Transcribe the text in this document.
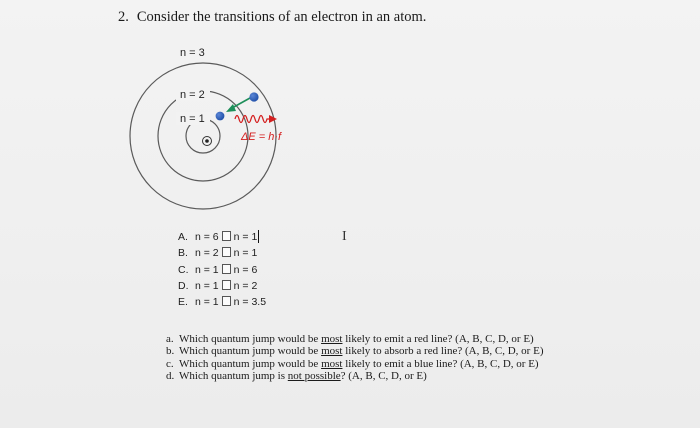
2. Consider the transitions of an electron in an atom.
n = 3
n = 2
n = 1
ΔE = h·f
A. n = 6 n = 1
B. n = 2 n = 1
C. n = 1 n = 6
D. n = 1 n = 2
E. n = 1 n = 3.5
I
a. Which quantum jump would be most likely to emit a red line? (A, B, C, D, or E)
b. Which quantum jump would be most likely to absorb a red line? (A, B, C, D, or E)
c. Which quantum jump would be most likely to emit a blue line? (A, B, C, D, or E)
d. Which quantum jump is not possible? (A, B, C, D, or E)
